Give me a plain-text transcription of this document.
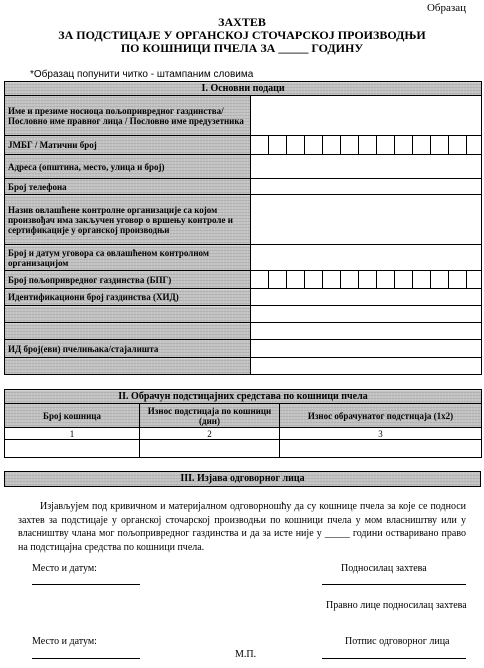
Образац
ЗАХТЕВ
ЗА ПОДСТИЦАЈЕ У ОРГАНСКОЈ СТОЧАРСКОЈ ПРОИЗВОДЊИ
ПО КОШНИЦИ ПЧЕЛА ЗА _____ ГОДИНУ
*Образац попунити читко - штампаним словима
I. Основни подаци													
Име и презиме носиоца пољопривредног газдинства/ Пословно име правног лица / Пословно име предузетника													
ЈМБГ / Матични број													
Адреса (општина, место, улица и број)													
Број телефона													
Назив овлашћене контролне организације са којом произвођач има закључен уговор о вршењу контроле и сертификације у органској производњи													
Број и датум уговора са овлашћеном контролном организацијом													
Број пољопривредног газдинства (БПГ)													
Идентификациони број газдинства (ХИД)													

ИД број(еви) пчелињака/стајалишта													

II. Обрачун подстицајних средстава по кошници пчела		
Број кошница	Износ подстицаја по кошници (дин)	Износ обрачунатог подстицаја (1x2)
1	2	3

III. Изјава одговорног лица

Изјављујем под кривичном и материјалном одговорношћу да су кошнице пчела за које се подноси захтев за подстицаје у органској сточарској производњи по кошници пчела у мом власништву или у власништву члана мог пољопривредног газдинства и да за исте није у _____ години остваривано право на подстицајна средства по кошници пчела.

Место и датум:	Подносилац захтева
Правно лице подносилац захтева
Место и датум:
М.П.
Потпис одговорног лица
